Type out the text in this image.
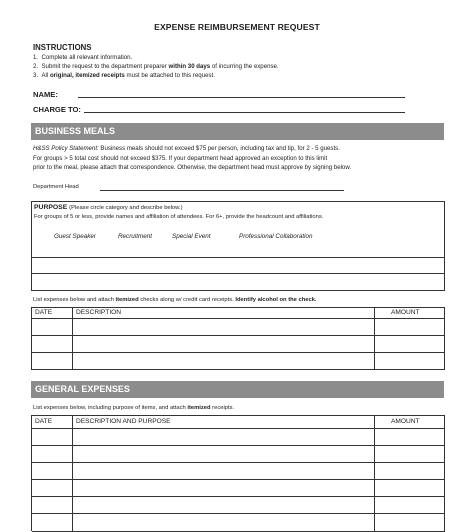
EXPENSE REIMBURSEMENT REQUEST
INSTRUCTIONS
1. Complete all relevant information.
2. Submit the request to the department preparer within 30 days of incurring the expense.
3. All original, itemized receipts must be attached to this request.
NAME:
CHARGE TO:
BUSINESS MEALS
H&SS Policy Statement: Business meals should not exceed $75 per person, including tax and tip, for 2 - 5 guests.
For groups > 5 total cost should not exceed $375. If your department head approved an exception to this limit
prior to the meal, please attach that correspondence. Otherwise, the department head must approve by signing below.
Department Head
PURPOSE (Please circle category and describe below.)
For groups of 5 or less, provide names and affiliation of attendees. For 6+, provide the headcount and affiliations.
Guest Speaker	Recruitment	Special Event	Professional Collaboration
List expenses below and attach itemized checks along w/ credit card receipts. Identify alcohol on the check.
DATE	DESCRIPTION	AMOUNT
GENERAL EXPENSES
List expenses below, including purpose of items, and attach itemized receipts.
DATE	DESCRIPTION AND PURPOSE	AMOUNT
